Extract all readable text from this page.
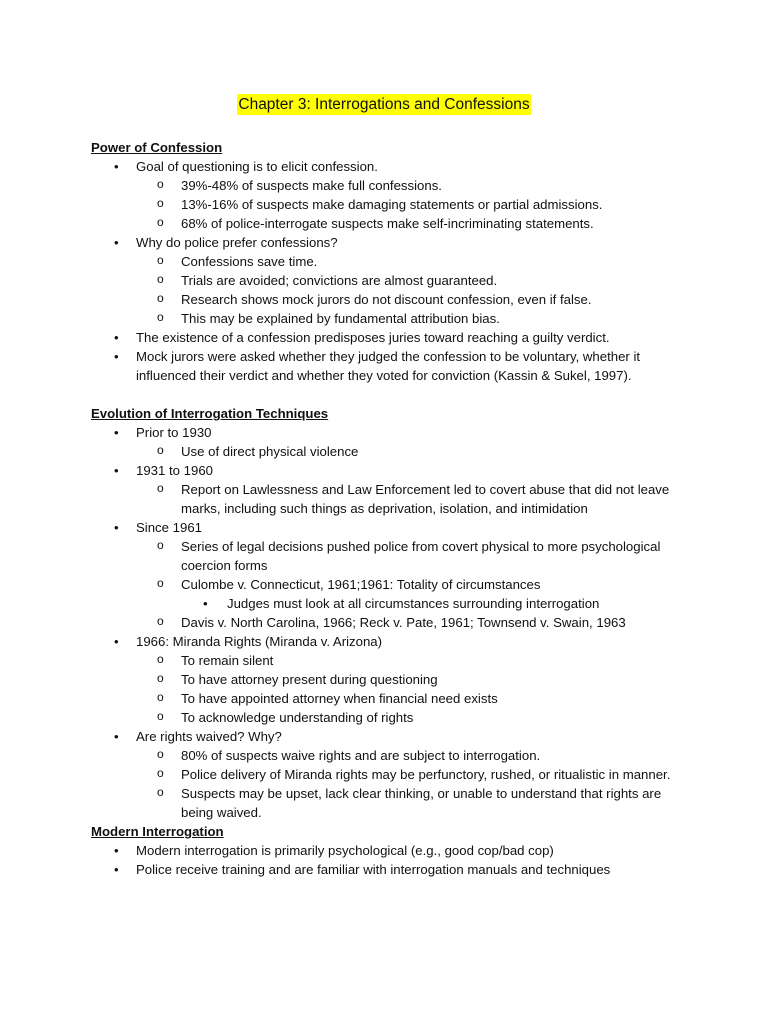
Chapter 3: Interrogations and Confessions
Power of Confession
• Goal of questioning is to elicit confession.
o 39%-48% of suspects make full confessions.
o 13%-16% of suspects make damaging statements or partial admissions.
o 68% of police-interrogate suspects make self-incriminating statements.
• Why do police prefer confessions?
o Confessions save time.
o Trials are avoided; convictions are almost guaranteed.
o Research shows mock jurors do not discount confession, even if false.
o This may be explained by fundamental attribution bias.
• The existence of a confession predisposes juries toward reaching a guilty verdict.
• Mock jurors were asked whether they judged the confession to be voluntary, whether it influenced their verdict and whether they voted for conviction (Kassin & Sukel, 1997).
Evolution of Interrogation Techniques
• Prior to 1930
o Use of direct physical violence
• 1931 to 1960
o Report on Lawlessness and Law Enforcement led to covert abuse that did not leave marks, including such things as deprivation, isolation, and intimidation
• Since 1961
o Series of legal decisions pushed police from covert physical to more psychological coercion forms
o Culombe v. Connecticut, 1961;1961: Totality of circumstances
• Judges must look at all circumstances surrounding interrogation
o Davis v. North Carolina, 1966; Reck v. Pate, 1961; Townsend v. Swain, 1963
• 1966: Miranda Rights (Miranda v. Arizona)
o To remain silent
o To have attorney present during questioning
o To have appointed attorney when financial need exists
o To acknowledge understanding of rights
• Are rights waived? Why?
o 80% of suspects waive rights and are subject to interrogation.
o Police delivery of Miranda rights may be perfunctory, rushed, or ritualistic in manner.
o Suspects may be upset, lack clear thinking, or unable to understand that rights are being waived.
Modern Interrogation
• Modern interrogation is primarily psychological (e.g., good cop/bad cop)
• Police receive training and are familiar with interrogation manuals and techniques
